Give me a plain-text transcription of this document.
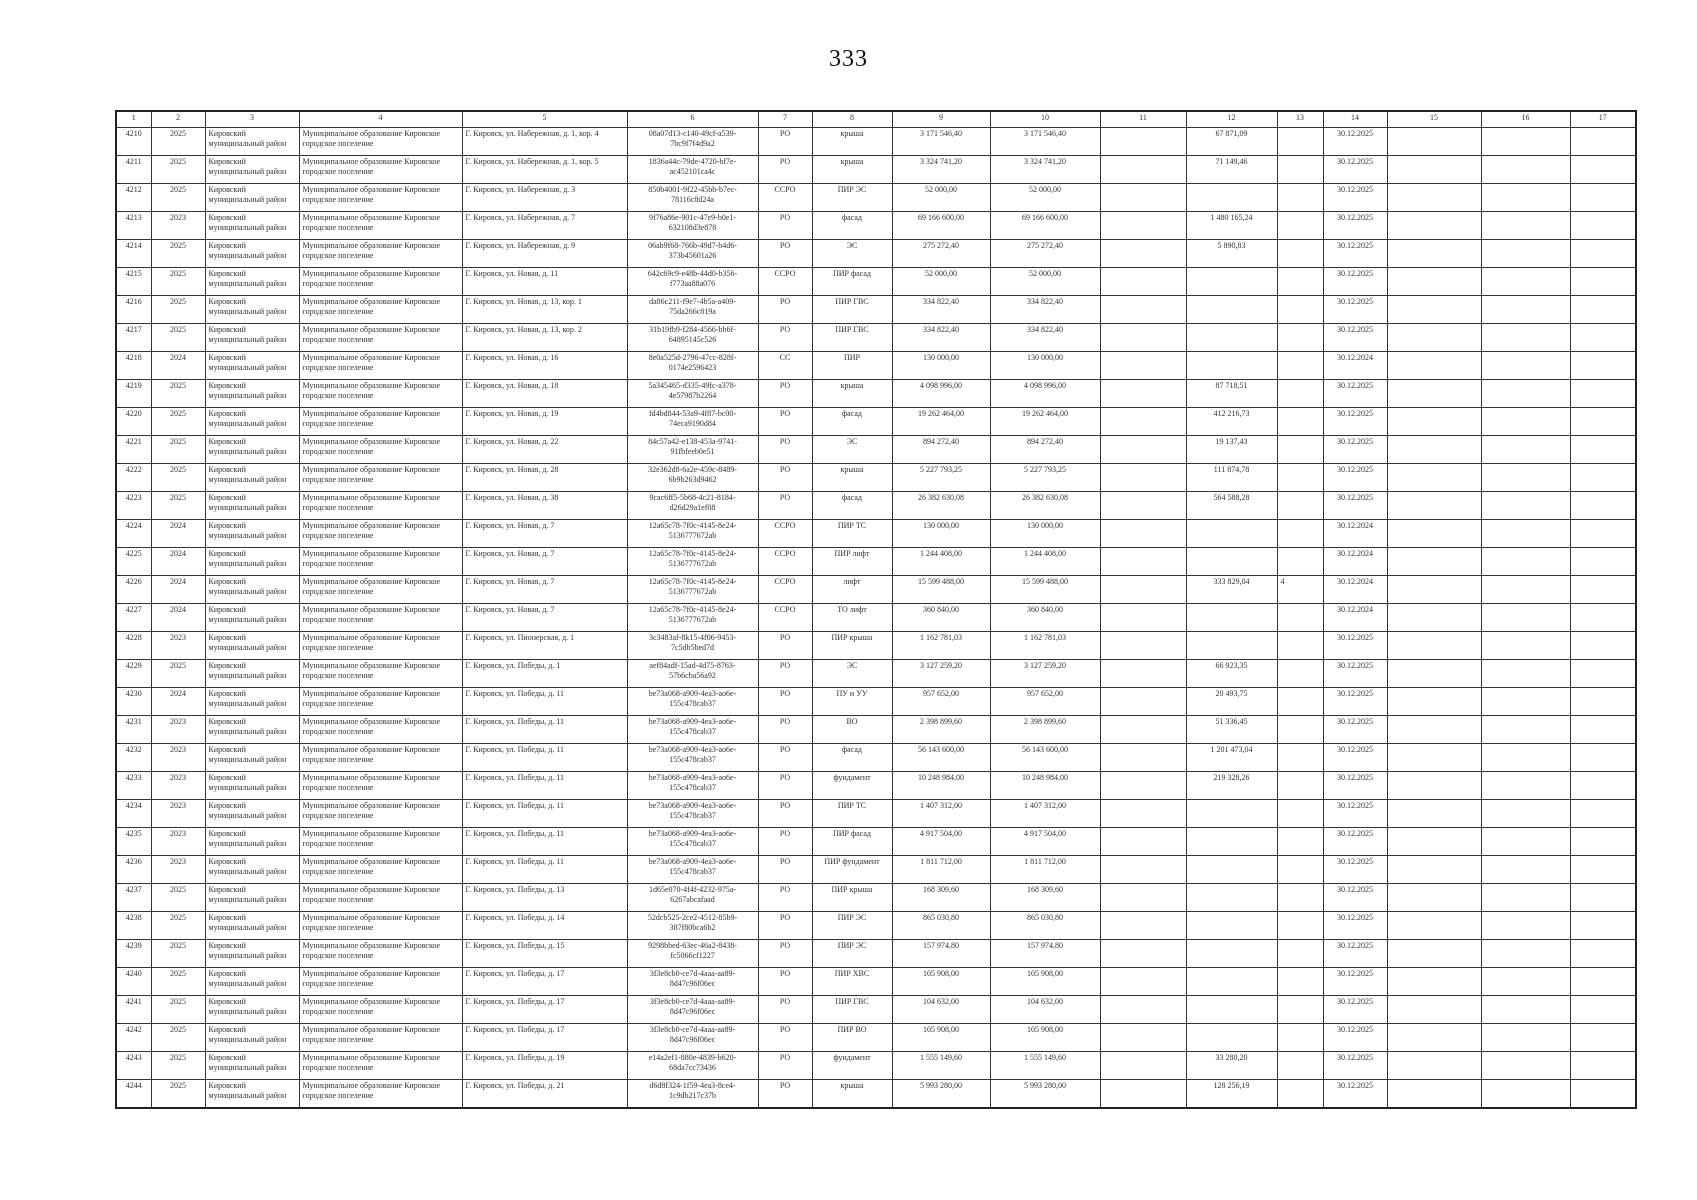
333
1	2	3	4	5	6	7	8	9	10	11	12	13	14	15	16	17
4210	2025	Кировский муниципальный район	Муниципальное образование Кировское городское поселение	Г. Кировск, ул. Набережная, д. 1, кор. 4	08a07d13-c140-49cf-a539-7bc9f7f4d9a2	РО	крыша	3 171 546,40	3 171 546,40		67 871,09		30.12.2025			
4211	2025	Кировский муниципальный район	Муниципальное образование Кировское городское поселение	Г. Кировск, ул. Набережная, д. 1, кор. 5	1836a44c-79de-4720-bf7e-ac452101ca4c	РО	крыша	3 324 741,20	3 324 741,20		71 149,46		30.12.2025			
4212	2025	Кировский муниципальный район	Муниципальное образование Кировское городское поселение	Г. Кировск, ул. Набережная, д. 3	850b4001-9f22-45bb-b7ec-78116c8d24a	ССРО	ПИР ЭС	52 000,00	52 000,00				30.12.2025			
4213	2023	Кировский муниципальный район	Муниципальное образование Кировское городское поселение	Г. Кировск, ул. Набережная, д. 7	9f76a86e-901c-47e9-b0e1-632108d3e878	РО	фасад	69 166 600,00	69 166 600,00		1 480 165,24		30.12.2025			
4214	2025	Кировский муниципальный район	Муниципальное образование Кировское городское поселение	Г. Кировск, ул. Набережная, д. 9	06ab9f68-766b-49d7-b4d6-373b45601a26	РО	ЭС	275 272,40	275 272,40		5 890,83		30.12.2025			
4215	2025	Кировский муниципальный район	Муниципальное образование Кировское городское поселение	Г. Кировск, ул. Новая, д. 11	642c69c9-e48b-44d0-b356-f773aa88a076	ССРО	ПИР фасад	52 000,00	52 000,00				30.12.2025			
4216	2025	Кировский муниципальный район	Муниципальное образование Кировское городское поселение	Г. Кировск, ул. Новая, д. 13, кор. 1	da86c211-f9e7-4b5a-a409-75da266c819a	РО	ПИР ГВС	334 822,40	334 822,40				30.12.2025			
4217	2025	Кировский муниципальный район	Муниципальное образование Кировское городское поселение	Г. Кировск, ул. Новая, д. 13, кор. 2	31b19fb9-f284-4566-bb6f-64895145c526	РО	ПИР ГВС	334 822,40	334 822,40				30.12.2025			
4218	2024	Кировский муниципальный район	Муниципальное образование Кировское городское поселение	Г. Кировск, ул. Новая, д. 16	8e0a525d-2796-47cc-828f-0174e2596423	СС	ПИР	130 000,00	130 000,00				30.12.2024			
4219	2025	Кировский муниципальный район	Муниципальное образование Кировское городское поселение	Г. Кировск, ул. Новая, д. 18	5a345465-d335-49fc-a378-4e57987b2264	РО	крыша	4 098 996,00	4 098 996,00		87 718,51		30.12.2025			
4220	2025	Кировский муниципальный район	Муниципальное образование Кировское городское поселение	Г. Кировск, ул. Новая, д. 19	fd4bd844-53a9-4f87-bc00-74eca9190d84	РО	фасад	19 262 464,00	19 262 464,00		412 216,73		30.12.2025			
4221	2025	Кировский муниципальный район	Муниципальное образование Кировское городское поселение	Г. Кировск, ул. Новая, д. 22	84c57a42-e138-453a-9741-91fbfeeb0e51	РО	ЭС	894 272,40	894 272,40		19 137,43		30.12.2025			
4222	2025	Кировский муниципальный район	Муниципальное образование Кировское городское поселение	Г. Кировск, ул. Новая, д. 28	32e362d8-6a2e-459c-8489-6b9b263d9462	РО	крыша	5 227 793,25	5 227 793,25		111 874,78		30.12.2025			
4223	2025	Кировский муниципальный район	Муниципальное образование Кировское городское поселение	Г. Кировск, ул. Новая, д. 38	9cac6ff5-5b68-4c21-8184-d26d29a1ef08	РО	фасад	26 382 630,08	26 382 630,08		564 588,28		30.12.2025			
4224	2024	Кировский муниципальный район	Муниципальное образование Кировское городское поселение	Г. Кировск, ул. Новая, д. 7	12a65c78-7f0c-4145-8e24-5136777672ab	ССРО	ПИР ТС	130 000,00	130 000,00				30.12.2024			
4225	2024	Кировский муниципальный район	Муниципальное образование Кировское городское поселение	Г. Кировск, ул. Новая, д. 7	12a65c78-7f0c-4145-8e24-5136777672ab	ССРО	ПИР лифт	1 244 408,00	1 244 408,00				30.12.2024			
4226	2024	Кировский муниципальный район	Муниципальное образование Кировское городское поселение	Г. Кировск, ул. Новая, д. 7	12a65c78-7f0c-4145-8e24-5136777672ab	ССРО	лифт	15 599 488,00	15 599 488,00		333 829,04	4	30.12.2024			
4227	2024	Кировский муниципальный район	Муниципальное образование Кировское городское поселение	Г. Кировск, ул. Новая, д. 7	12a65c78-7f0c-4145-8e24-5136777672ab	ССРО	ТО лифт	360 840,00	360 840,00				30.12.2024			
4228	2023	Кировский муниципальный район	Муниципальное образование Кировское городское поселение	Г. Кировск, ул. Пионерская, д. 1	3c3483af-8k15-4f06-9453-7c5db5bed7d	РО	ПИР крыша	1 162 781,03	1 162 781,03				30.12.2025			
4229	2025	Кировский муниципальный район	Муниципальное образование Кировское городское поселение	Г. Кировск, ул. Победы, д. 1	aef84adf-15ad-4d75-8763-57b6cba56a92	РО	ЭС	3 127 259,20	3 127 259,20		66 923,35		30.12.2025			
4230	2024	Кировский муниципальный район	Муниципальное образование Кировское городское поселение	Г. Кировск, ул. Победы, д. 11	be73a068-a909-4ea3-ao6e-155c478cab37	РО	ПУ и УУ	957 652,00	957 652,00		20 493,75		30.12.2025			
4231	2023	Кировский муниципальный район	Муниципальное образование Кировское городское поселение	Г. Кировск, ул. Победы, д. 11	be73a068-a909-4ea3-ao6e-155c478cab37	РО	ВО	2 398 899,60	2 398 899,60		51 336,45		30.12.2025			
4232	2023	Кировский муниципальный район	Муниципальное образование Кировское городское поселение	Г. Кировск, ул. Победы, д. 11	be73a068-a909-4ea3-ao6e-155c478cab37	РО	фасад	56 143 600,00	56 143 600,00		1 201 473,04		30.12.2025			
4233	2023	Кировский муниципальный район	Муниципальное образование Кировское городское поселение	Г. Кировск, ул. Победы, д. 11	be73a068-a909-4ea3-ao6e-155c478cab37	РО	фундамент	10 248 984,00	10 248 984,00		219 328,26		30.12.2025			
4234	2023	Кировский муниципальный район	Муниципальное образование Кировское городское поселение	Г. Кировск, ул. Победы, д. 11	be73a068-a909-4ea3-ao6e-155c478cab37	РО	ПИР ТС	1 407 312,00	1 407 312,00				30.12.2025			
4235	2023	Кировский муниципальный район	Муниципальное образование Кировское городское поселение	Г. Кировск, ул. Победы, д. 11	be73a068-a909-4ea3-ao6e-155c478cab37	РО	ПИР фасад	4 917 504,00	4 917 504,00				30.12.2025			
4236	2023	Кировский муниципальный район	Муниципальное образование Кировское городское поселение	Г. Кировск, ул. Победы, д. 11	be73a068-a909-4ea3-ao6e-155c478cab37	РО	ПИР фундамент	1 811 712,00	1 811 712,00				30.12.2025			
4237	2025	Кировский муниципальный район	Муниципальное образование Кировское городское поселение	Г. Кировск, ул. Победы, д. 13	1d65e070-4f4f-4232-975a-6267abcafaad	РО	ПИР крыша	168 309,60	168 309,60				30.12.2025			
4238	2025	Кировский муниципальный район	Муниципальное образование Кировское городское поселение	Г. Кировск, ул. Победы, д. 14	52dcb525-2ce2-4512-85b9-387f80bca6b2	РО	ПИР ЭС	865 030,80	865 030,80				30.12.2025			
4239	2025	Кировский муниципальный район	Муниципальное образование Кировское городское поселение	Г. Кировск, ул. Победы, д. 15	9298bbed-63ec-46a2-8438-fc5066cf1227	РО	ПИР ЭС	157 974,80	157 974,80				30.12.2025			
4240	2025	Кировский муниципальный район	Муниципальное образование Кировское городское поселение	Г. Кировск, ул. Победы, д. 17	3f3e8cb0-ce7d-4aaa-aa89-8d47c96f06ec	РО	ПИР ХВС	105 908,00	105 908,00				30.12.2025			
4241	2025	Кировский муниципальный район	Муниципальное образование Кировское городское поселение	Г. Кировск, ул. Победы, д. 17	3f3e8cb0-ce7d-4aaa-aa89-8d47c96f06ec	РО	ПИР ГВС	104 632,00	104 632,00				30.12.2025			
4242	2025	Кировский муниципальный район	Муниципальное образование Кировское городское поселение	Г. Кировск, ул. Победы, д. 17	3f3e8cb0-ce7d-4aaa-aa89-8d47c96f06ec	РО	ПИР ВО	105 908,00	105 908,00				30.12.2025			
4243	2025	Кировский муниципальный район	Муниципальное образование Кировское городское поселение	Г. Кировск, ул. Победы, д. 19	e14a2ef1-880e-4839-b620-68da7cc73436	РО	фундамент	1 555 149,60	1 555 149,60		33 280,20		30.12.2025			
4244	2025	Кировский муниципальный район	Муниципальное образование Кировское городское поселение	Г. Кировск, ул. Победы, д. 21	d6d8f324-1f59-4ea3-8ce4-1c9db217c37b	РО	крыша	5 993 280,00	5 993 280,00		128 256,19		30.12.2025			
